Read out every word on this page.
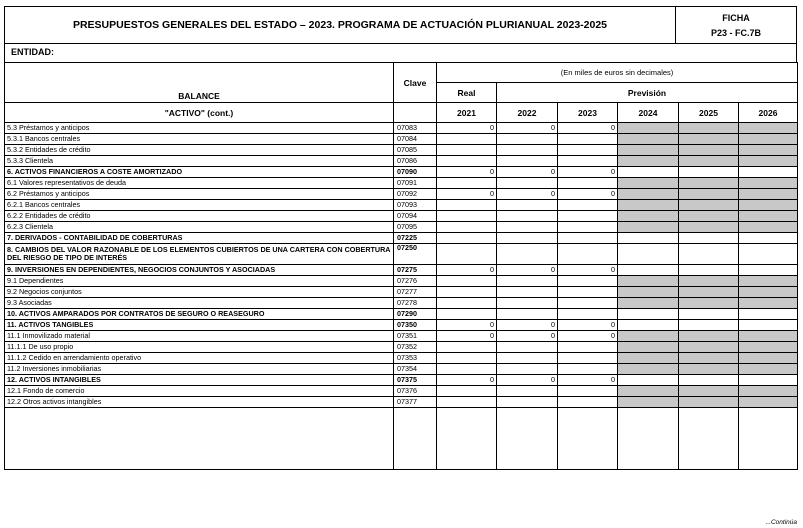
PRESUPUESTOS GENERALES DEL ESTADO – 2023. PROGRAMA DE ACTUACIÓN PLURIANUAL 2023-2025
FICHA
P23 - FC.7B
ENTIDAD:
BALANCE	Clave	(En miles de euros sin decimales)					
		Real	Previsión				
"ACTIVO" (cont.)		2021	2022	2023	2024	2025	2026
5.3 Préstamos y anticipos	07083	0	0	0			
5.3.1 Bancos centrales	07084						
5.3.2 Entidades de crédito	07085						
5.3.3 Clientela	07086						
6. ACTIVOS FINANCIEROS A COSTE AMORTIZADO	07090	0	0	0			
6.1 Valores representativos de deuda	07091						
6.2 Préstamos y anticipos	07092	0	0	0			
6.2.1 Bancos centrales	07093						
6.2.2 Entidades de crédito	07094						
6.2.3 Clientela	07095						
7. DERIVADOS - CONTABILIDAD DE COBERTURAS	07225						
8. CAMBIOS DEL VALOR RAZONABLE DE LOS ELEMENTOS CUBIERTOS DE UNA CARTERA CON COBERTURA DEL RIESGO DE TIPO DE INTERÉS	07250						
9. INVERSIONES EN DEPENDIENTES, NEGOCIOS CONJUNTOS Y ASOCIADAS	07275	0	0	0			
9.1 Dependientes	07276						
9.2 Negocios conjuntos	07277						
9.3 Asociadas	07278						
10. ACTIVOS AMPARADOS POR CONTRATOS DE SEGURO O REASEGURO	07290						
11. ACTIVOS TANGIBLES	07350	0	0	0			
11.1 Inmovilizado material	07351	0	0	0			
11.1.1 De uso propio	07352						
11.1.2 Cedido en arrendamiento operativo	07353						
11.2 Inversiones inmobiliarias	07354						
12. ACTIVOS INTANGIBLES	07375	0	0	0			
12.1 Fondo de comercio	07376						
12.2 Otros activos intangibles	07377						

...Continúa
